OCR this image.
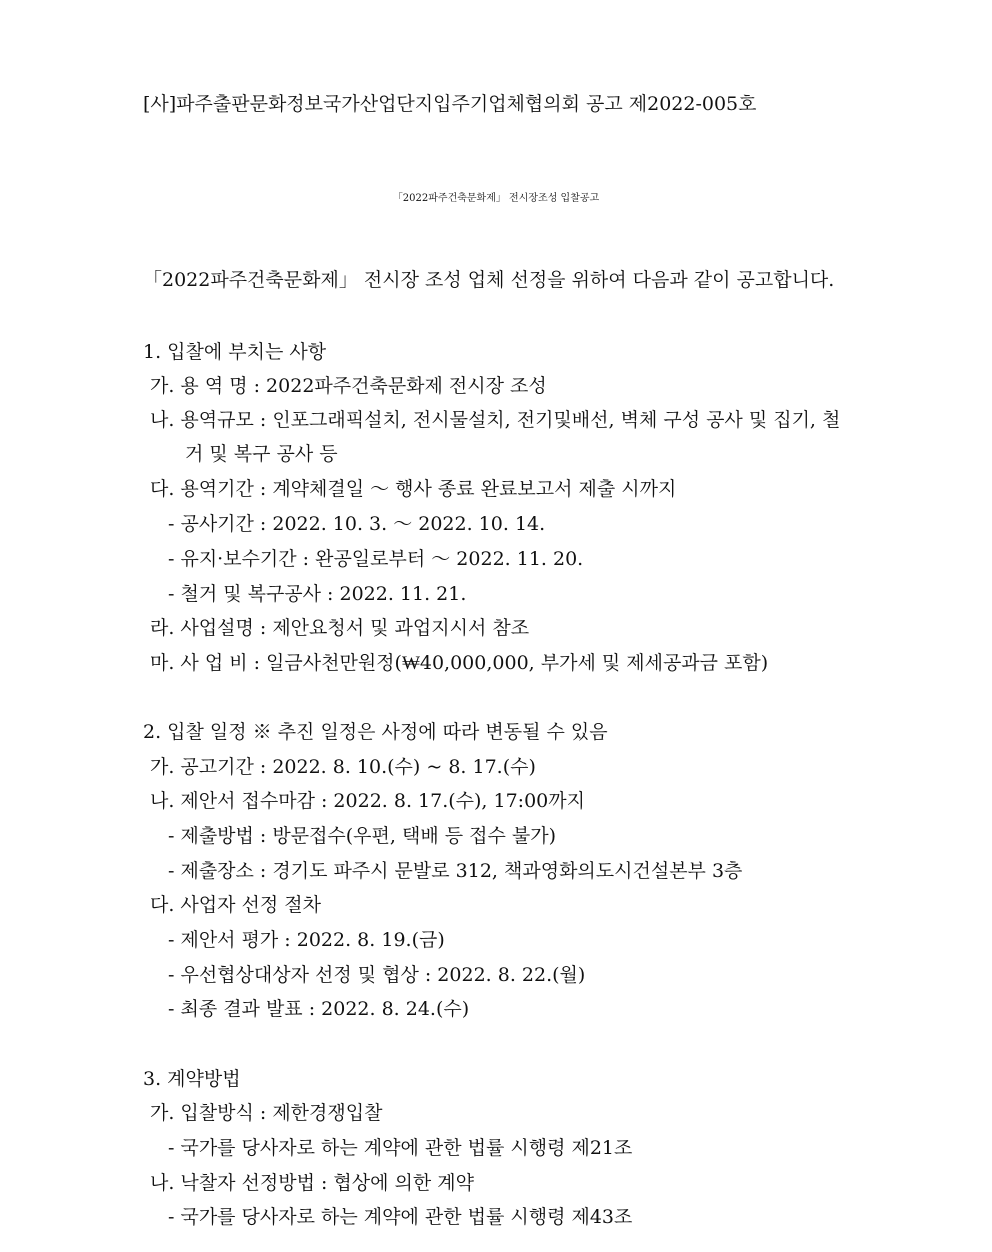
[사]파주출판문화정보국가산업단지입주기업체협의회 공고 제2022-005호
「2022파주건축문화제」 전시장조성 입찰공고
「2022파주건축문화제」 전시장 조성 업체 선정을 위하여 다음과 같이 공고합니다.
1. 입찰에 부치는 사항
가. 용 역 명 : 2022파주건축문화제 전시장 조성
나. 용역규모 : 인포그래픽설치, 전시물설치, 전기및배선, 벽체 구성 공사 및 집기, 철
거 및 복구 공사 등
다. 용역기간 : 계약체결일 ～ 행사 종료 완료보고서 제출 시까지
- 공사기간 : 2022. 10. 3. ～ 2022. 10. 14.
- 유지·보수기간 : 완공일로부터 ～ 2022. 11. 20.
- 철거 및 복구공사 : 2022. 11. 21.
라. 사업설명 : 제안요청서 및 과업지시서 참조
마. 사 업 비 : 일금사천만원정(₩40,000,000, 부가세 및 제세공과금 포함)
2. 입찰 일정 ※ 추진 일정은 사정에 따라 변동될 수 있음
가. 공고기간 : 2022. 8. 10.(수) ~ 8. 17.(수)
나. 제안서 접수마감 : 2022. 8. 17.(수), 17:00까지
- 제출방법 : 방문접수(우편, 택배 등 접수 불가)
- 제출장소 : 경기도 파주시 문발로 312, 책과영화의도시건설본부 3층
다. 사업자 선정 절차
- 제안서 평가 : 2022. 8. 19.(금)
- 우선협상대상자 선정 및 협상 : 2022. 8. 22.(월)
- 최종 결과 발표 : 2022. 8. 24.(수)
3. 계약방법
가. 입찰방식 : 제한경쟁입찰
- 국가를 당사자로 하는 계약에 관한 법률 시행령 제21조
나. 낙찰자 선정방법 : 협상에 의한 계약
- 국가를 당사자로 하는 계약에 관한 법률 시행령 제43조
